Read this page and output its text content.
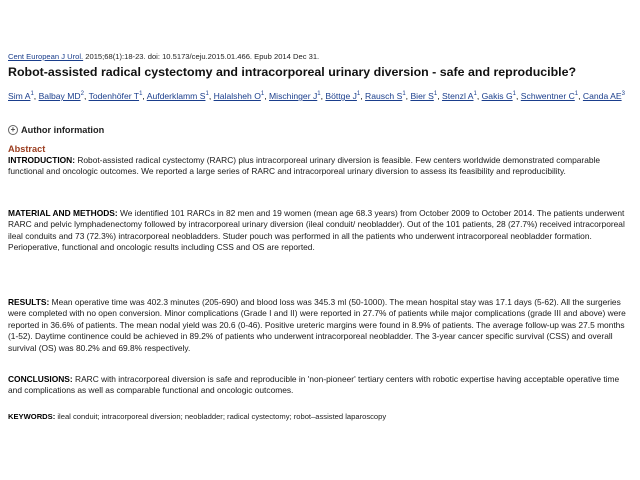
Cent European J Urol. 2015;68(1):18-23. doi: 10.5173/ceju.2015.01.466. Epub 2014 Dec 31.
Robot-assisted radical cystectomy and intracorporeal urinary diversion - safe and reproducible?
Sim $A^1$, Balbay $MD^2$, Todenhöfer $T^1$, Aufderklamm $S^1$, Halalsheh $O^1$, Mischinger $J^1$, Böttge $J^1$, Rausch $S^1$, Bier $S^1$, Stenzl $A^1$, Gakis $G^1$, Schwentner $C^1$, Canda $AE^3$
+ Author information
Abstract
INTRODUCTION: Robot-assisted radical cystectomy (RARC) plus intracorporeal urinary diversion is feasible. Few centers worldwide demonstrated comparable functional and oncologic outcomes. We reported a large series of RARC and intracorporeal urinary diversion to assess its feasibility and reproducibility.
MATERIAL AND METHODS: We identified 101 RARCs in 82 men and 19 women (mean age 68.3 years) from October 2009 to October 2014. The patients underwent RARC and pelvic lymphadenectomy followed by intracorporeal urinary diversion (ileal conduit/ neobladder). Out of the 101 patients, 28 (27.7%) received intracorporeal ileal conduits and 73 (72.3%) intracorporeal neobladders. Studer pouch was performed in all the patients who underwent intracorporeal neobladder formation. Perioperative, functional and oncologic results including CSS and OS are reported.
RESULTS: Mean operative time was 402.3 minutes (205-690) and blood loss was 345.3 ml (50-1000). The mean hospital stay was 17.1 days (5-62). All the surgeries were completed with no open conversion. Minor complications (Grade I and II) were reported in 27.7% of patients while major complications (grade III and above) were reported in 36.6% of patients. The mean nodal yield was 20.6 (0-46). Positive ureteric margins were found in 8.9% of patients. The average follow-up was 27.5 months (1-52). Daytime continence could be achieved in 89.2% of patients who underwent intracorporeal neobladder. The 3-year cancer specific survival (CSS) and overall survival (OS) was 80.2% and 69.8% respectively.
CONCLUSIONS: RARC with intracorporeal diversion is safe and reproducible in 'non-pioneer' tertiary centers with robotic expertise having acceptable operative time and complications as well as comparable functional and oncologic outcomes.
KEYWORDS: ileal conduit; intracorporeal diversion; neobladder; radical cystectomy; robot–assisted laparoscopy
